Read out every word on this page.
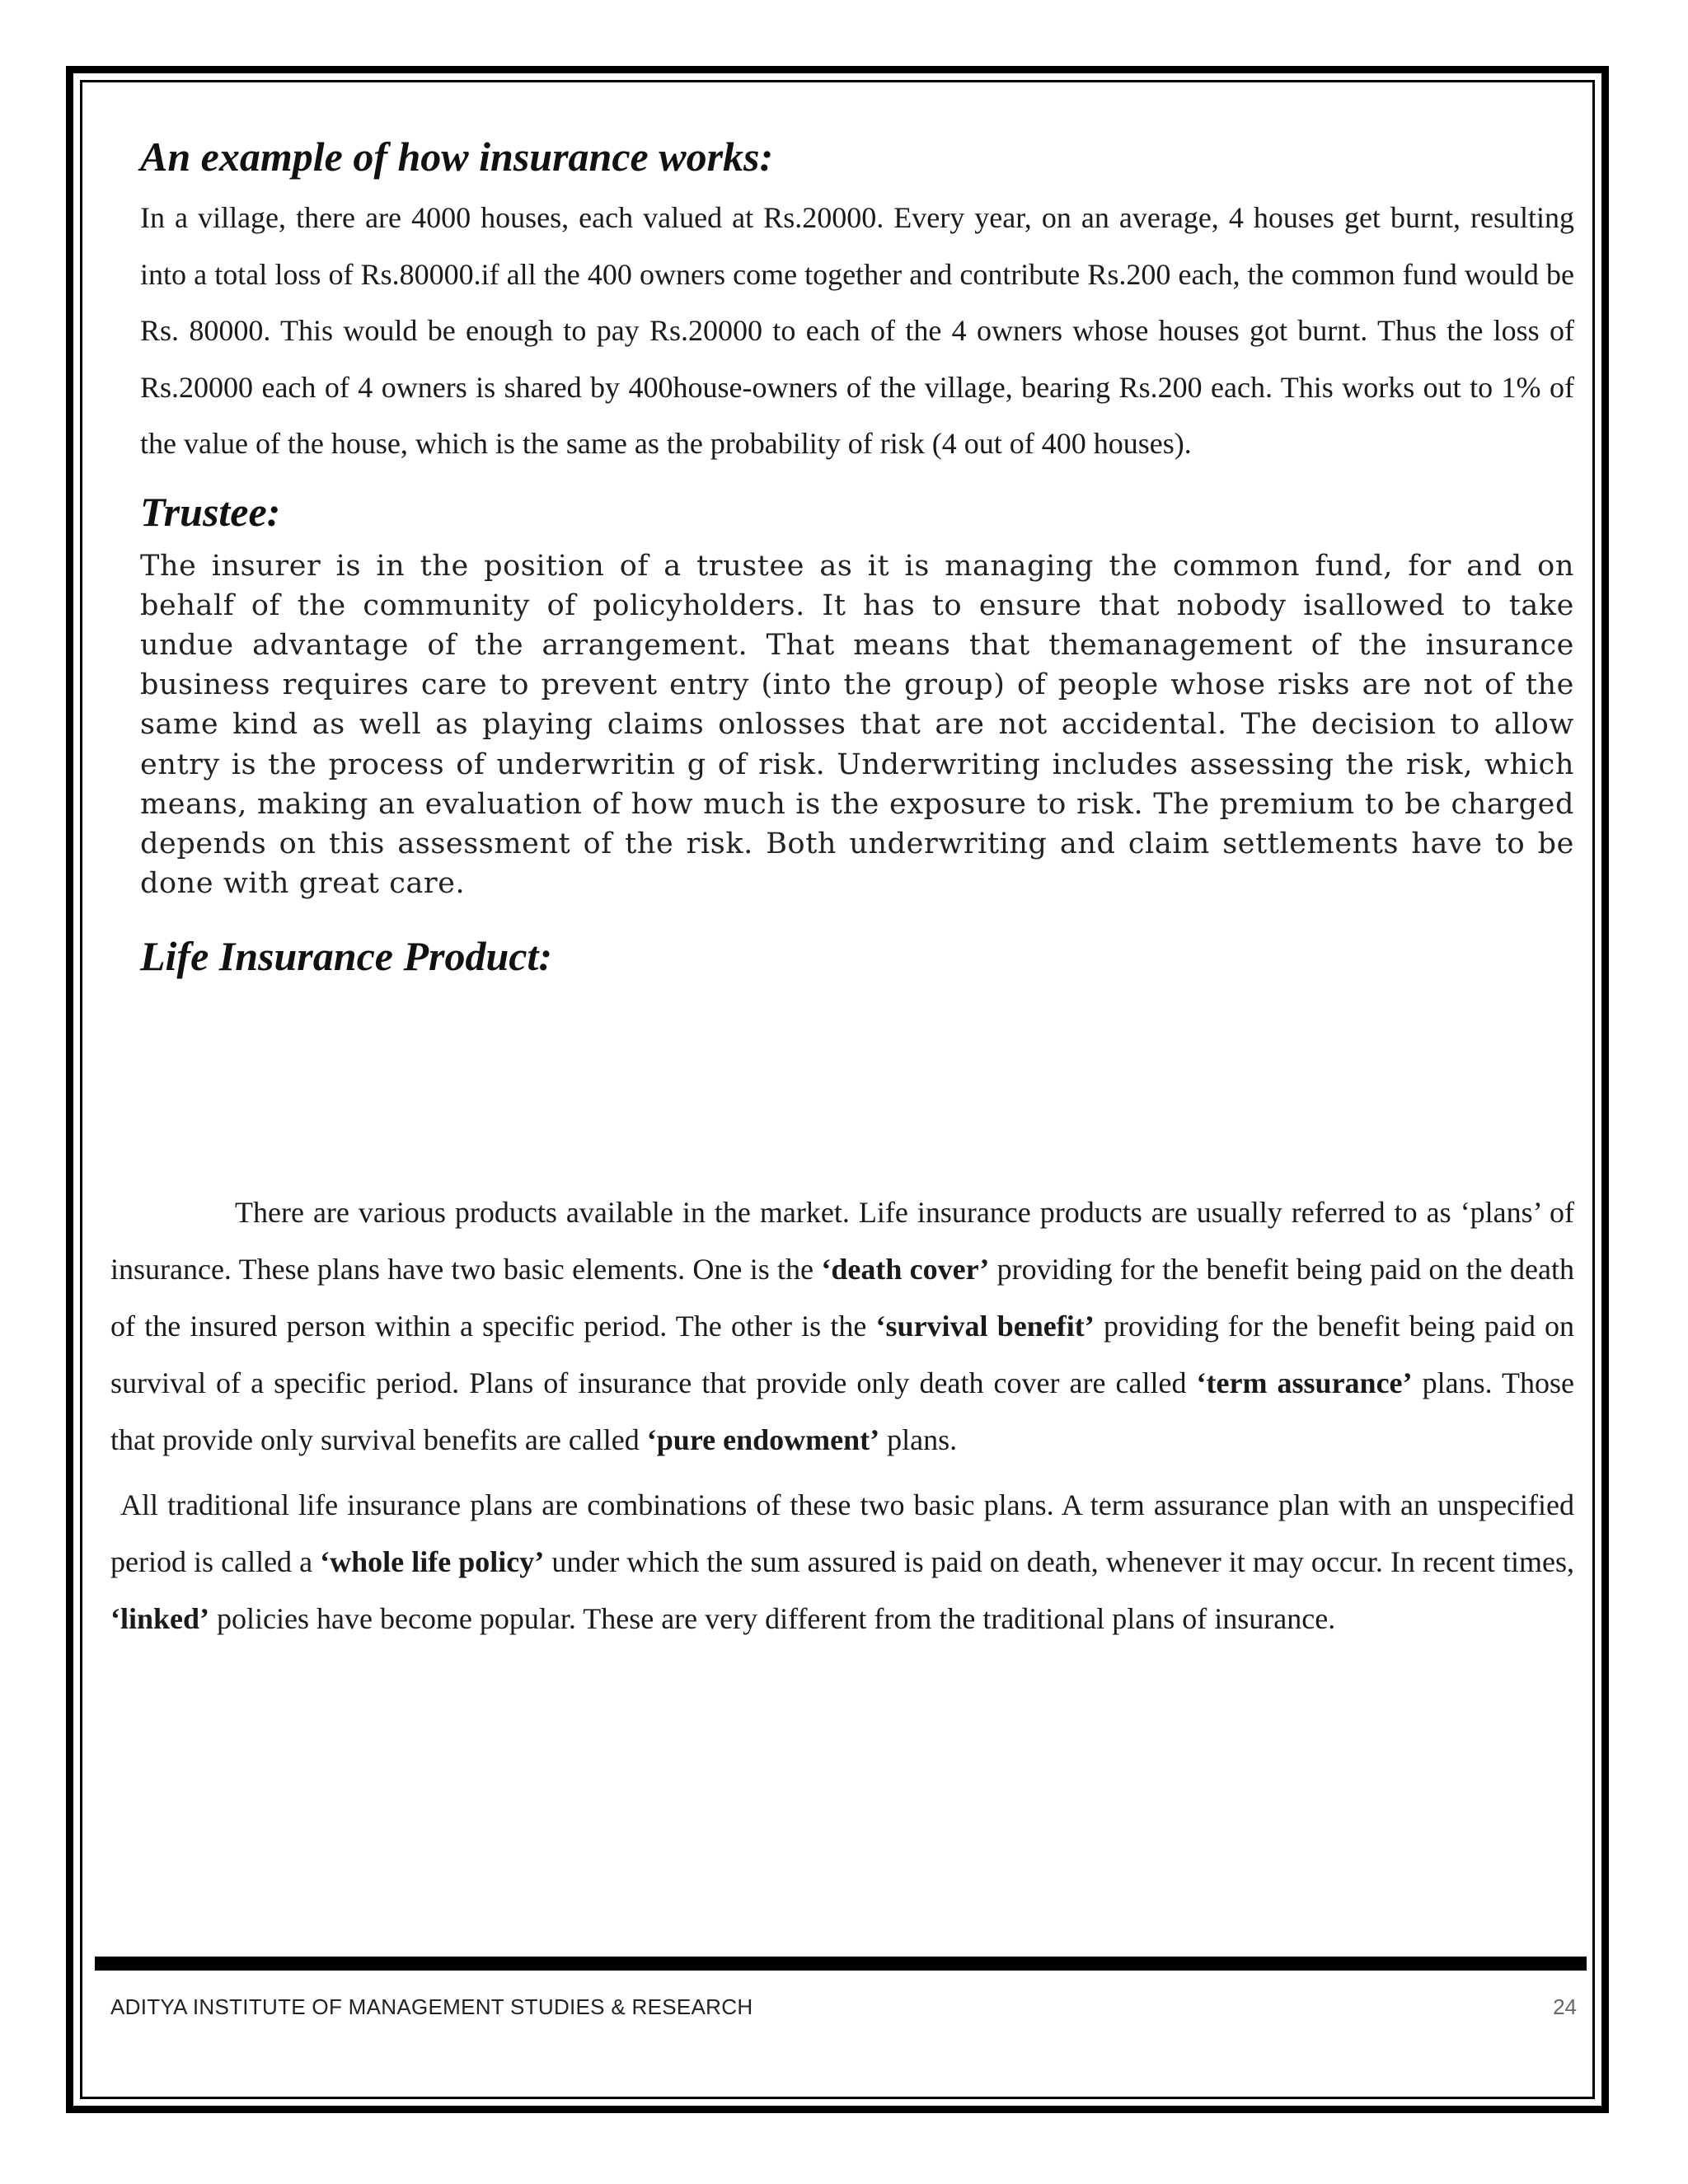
An example of how insurance works:

In a village, there are 4000 houses, each valued at Rs.20000. Every year, on an average, 4 houses get burnt, resulting into a total loss of Rs.80000.if all the 400 owners come together and contribute Rs.200 each, the common fund would be Rs. 80000. This would be enough to pay Rs.20000 to each of the 4 owners whose houses got burnt. Thus the loss of Rs.20000 each of 4 owners is shared by 400house-owners of the village, bearing Rs.200 each. This works out to 1% of the value of the house, which is the same as the probability of risk (4 out of 400 houses).

Trustee:

The insurer is in the position of a trustee as it is managing the common fund, for and on behalf of the community of policyholders. It has to ensure that nobody isallowed to take undue advantage of the arrangement. That means that themanagement of the insurance business requires care to prevent entry (into the group) of people whose risks are not of the same kind as well as playing claims onlosses that are not accidental. The decision to allow entry is the process of underwritin g of risk. Underwriting includes assessing the risk, which means, making an evaluation of how much is the exposure to risk. The premium to be charged depends on this assessment of the risk. Both underwriting and claim settlements have to be done with great care.

Life Insurance Product:

There are various products available in the market. Life insurance products are usually referred to as ‘plans’ of insurance. These plans have two basic elements. One is the ‘death cover’ providing for the benefit being paid on the death of the insured person within a specific period. The other is the ‘survival benefit’ providing for the benefit being paid on survival of a specific period. Plans of insurance that provide only death cover are called ‘term assurance’ plans. Those that provide only survival benefits are called ‘pure endowment’ plans.

All traditional life insurance plans are combinations of these two basic plans. A term assurance plan with an unspecified period is called a ‘whole life policy’ under which the sum assured is paid on death, whenever it may occur. In recent times, ‘linked’ policies have become popular. These are very different from the traditional plans of insurance.

ADITYA INSTITUTE OF MANAGEMENT STUDIES & RESEARCH	24
